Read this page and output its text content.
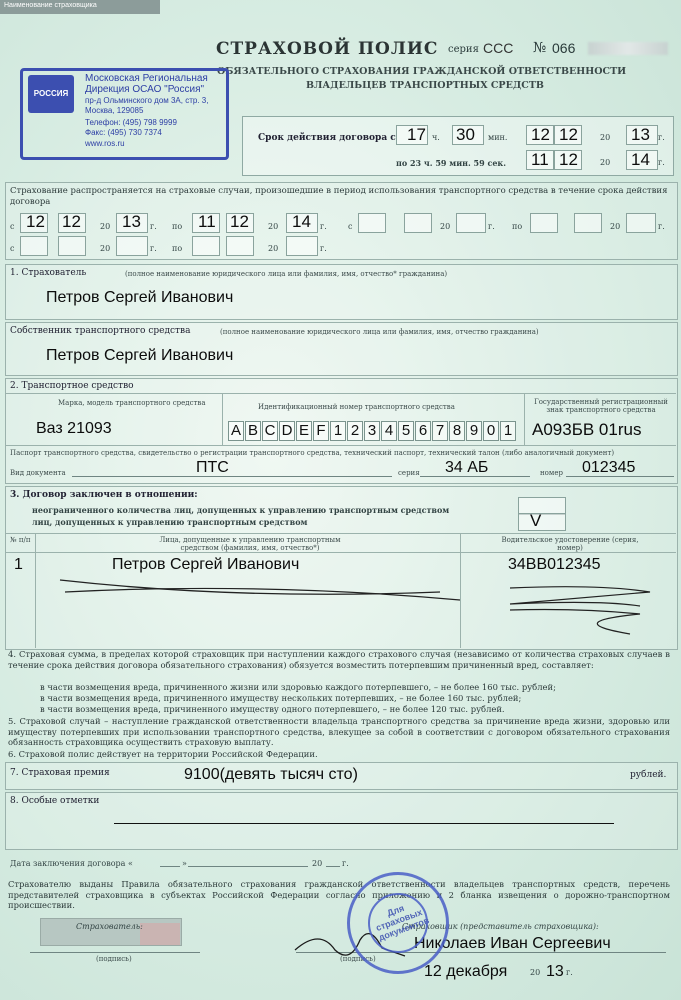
Наименование страховщика
СТРАХОВОЙ ПОЛИС серия ССС № 066
ОБЯЗАТЕЛЬНОГО СТРАХОВАНИЯ ГРАЖДАНСКОЙ ОТВЕТСТВЕННОСТИ
ВЛАДЕЛЬЦЕВ ТРАНСПОРТНЫХ СРЕДСТВ
РОССИЯ
Московская Региональная
Дирекция ОСАО "Россия"
пр-д Ольминского дом 3А, стр. 3,
Москва, 129085
Телефон: (495) 798 9999
Факс: (495) 730 7374
www.ros.ru
Срок действия договора с 17 ч. 30 мин. 12 12	20 13 г.
по 23 ч. 59 мин. 59 сек. 11 12	20 14 г.
Страхование распространяется на страховые случаи, произошедшие в период использования транспортного средства в течение срока действия договора
с 12 12 20 13 г. по 11 12 20 14 г.	с	20	г. по	20	г.
с	20	г. по	20	г.
1. Страхователь	(полное наименование юридического лица или фамилия, имя, отчество* гражданина)
Петров Сергей Иванович
Собственник транспортного средства	(полное наименование юридического лица или фамилия, имя, отчество гражданина)
Петров Сергей Иванович
2. Транспортное средство
Марка, модель транспортного средства
Ваз 21093
Идентификационный номер транспортного средства
A B C D E F 1 2 3 4 5 6 7 8 9 0 1
Государственный регистрационный знак транспортного средства
А093БВ 01rus
Паспорт транспортного средства, свидетельство о регистрации транспортного средства, технический паспорт, технический талон (либо аналогичный документ)
Вид документа	ПТС	серия 34 АБ	номер 012345
3. Договор заключен в отношении:
неограниченного количества лиц, допущенных к управлению транспортным средством
лиц, допущенных к управлению транспортным средством	V
№ п/п	Лица, допущенные к управлению транспортным средством (фамилия, имя, отчество*)
Водительское удостоверение (серия, номер)
1	Петров Сергей Иванович	34ВВ012345
4. Страховая сумма, в пределах которой страховщик при наступлении каждого страхового случая (независимо от количества страховых случаев в течение срока действия договора обязательного страхования) обязуется возместить потерпевшим причиненный вред, составляет:
в части возмещения вреда, причиненного жизни или здоровью каждого потерпевшего, – не более 160 тыс. рублей;
в части возмещения вреда, причиненного имуществу нескольких потерпевших, – не более 160 тыс. рублей;
в части возмещения вреда, причиненного имуществу одного потерпевшего, – не более 120 тыс. рублей.
5. Страховой случай – наступление гражданской ответственности владельца транспортного средства за причинение вреда жизни, здоровью или имуществу потерпевших при использовании транспортного средства, влекущее за собой в соответствии с договором обязательного страхования обязанность страховщика осуществить страховую выплату.
6. Страховой полис действует на территории Российской Федерации.
7. Страховая премия	9100(девять тысяч сто)	рублей.
8. Особые отметки
Дата заключения договора «	»	20 г.
Страхователю выданы Правила обязательного страхования гражданской ответственности владельцев транспортных средств, перечень представителей страховщика в субъектах Российской Федерации согласно приложению и 2 бланка извещения о дорожно-транспортном происшествии.
Страхователь:
(подпись)
Страховщик (представитель страховщика):
(подпись)
Николаев Иван Сергеевич
12 декабря	20 13 г.
Для страховых документов
